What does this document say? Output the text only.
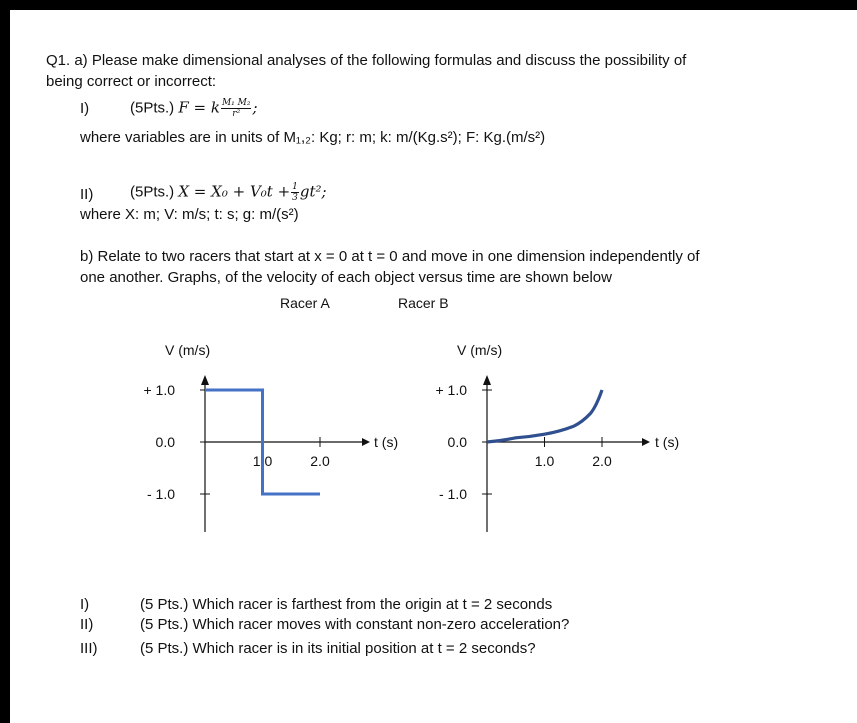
Q1. a) Please make dimensional analyses of the following formulas and discuss the possibility of
being correct or incorrect:
I)	(5Pts.) F = k $\frac{\text{M₁ M₂}}{\text{r²}}$ ;
where variables are in units of M₁,₂: Kg; r: m; k: m/(Kg.s²); F: Kg.(m/s²)
II) (5Pts.) $X = X_0 + V_0t + \frac{1}{3} gt^2$;
where X: m; V: m/s; t: s; g: m/(s²)
b) Relate to two racers that start at x = 0 at t = 0 and move in one dimension independently of
one another. Graphs, of the velocity of each object versus time are shown below
Racer A	Racer B
+ 1.0
0.0
- 1.0
1.0	2.0
V (m/s)
t (s)
+ 1.0
0.0
- 1.0
1.0	2.0
V (m/s)
t (s)
I)	(5 Pts.) Which racer is farthest from the origin at t = 2 seconds
II)	(5 Pts.) Which racer moves with constant non-zero acceleration?
III)	(5 Pts.) Which racer is in its initial position at t = 2 seconds?
